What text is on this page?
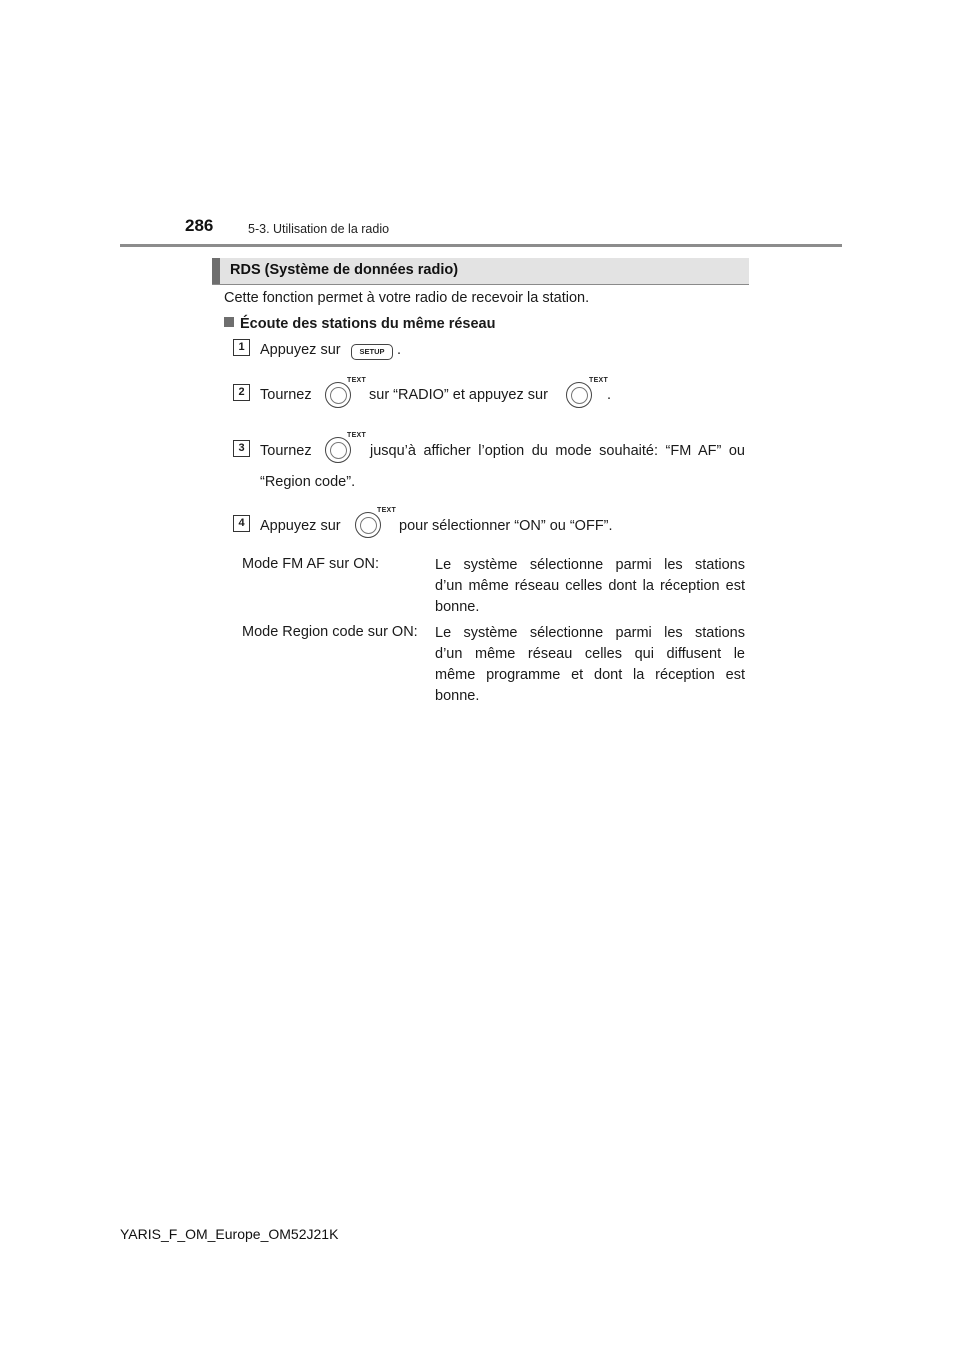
286	5-3. Utilisation de la radio
RDS (Système de données radio)
Cette fonction permet à votre radio de recevoir la station.
Écoute des stations du même réseau
1	Appuyez sur	SETUP .
2	Tournez
TEXT
sur “RADIO” et appuyez sur
TEXT
.
3	Tournez
TEXT
jusqu’à afficher l’option du mode souhaité: “FM AF” ou
“Region code”.
4	Appuyez sur
TEXT
pour sélectionner “ON” ou “OFF”.
Mode FM AF sur ON:	Le système sélectionne parmi les stations
d’un même réseau celles dont la réception est
bonne.
Mode Region code sur ON: Le système sélectionne parmi les stations
d’un même réseau celles qui diffusent le
même programme et dont la réception est
bonne.
YARIS_F_OM_Europe_OM52J21K
